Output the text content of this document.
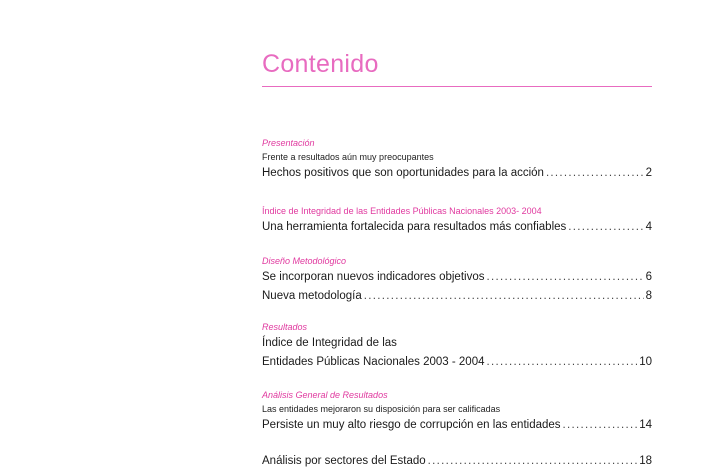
Contenido
Presentación
Frente a resultados aún muy preocupantes
Hechos positivos que son oportunidades para la acción .....	2
Índice de Integridad de las Entidades Públicas Nacionales 2003- 2004
Una herramienta fortalecida para resultados más confiables .....	4
Diseño Metodológico
Se incorporan nuevos indicadores objetivos .....	6
Nueva metodología .....	8
Resultados
Índice de Integridad de las
Entidades Públicas Nacionales 2003 - 2004 .....	10
Análisis General de Resultados
Las entidades mejoraron su disposición para ser calificadas
Persiste un muy alto riesgo de corrupción en las entidades .....	14
Análisis por sectores del Estado .....	18
